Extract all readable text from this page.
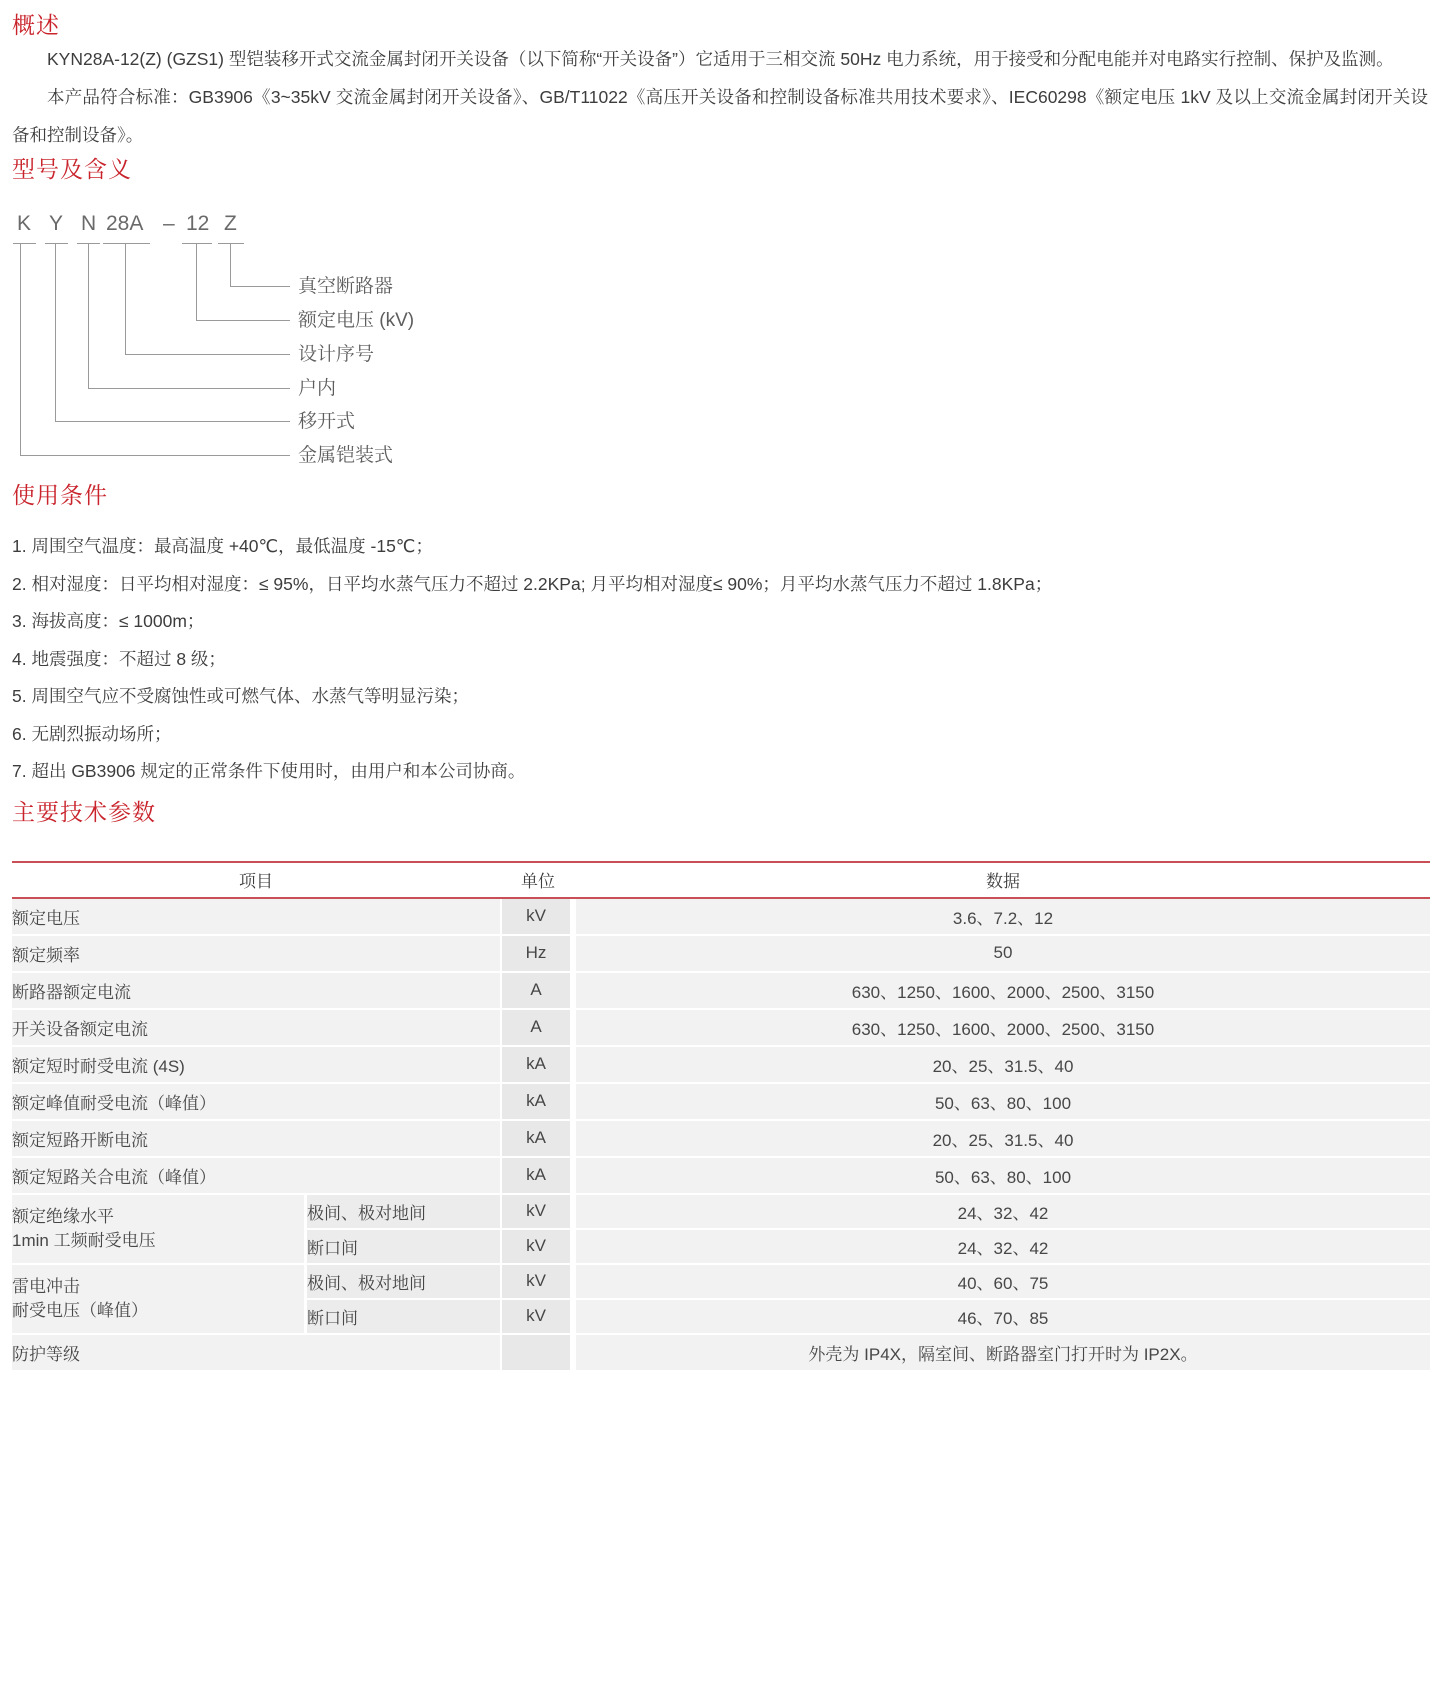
概述

KYN28A-12(Z) (GZS1) 型铠装移开式交流金属封闭开关设备（以下简称“开关设备”）它适用于三相交流 50Hz 电力系统，用于接受和分配电能并对电路实行控制、保护及监测。

本产品符合标准：GB3906《3~35kV 交流金属封闭开关设备》、GB/T11022《高压开关设备和控制设备标准共用技术要求》、IEC60298《额定电压 1kV 及以上交流金属封闭开关设备和控制设备》。

型号及含义
K Y N 28A – 12 Z
真空断路器
额定电压 (kV)
设计序号
户内
移开式
金属铠装式
使用条件
1. 周围空气温度：最高温度 +40℃，最低温度 -15℃；
2. 相对湿度：日平均相对湿度：≤ 95%，日平均水蒸气压力不超过 2.2KPa; 月平均相对湿度≤ 90%；月平均水蒸气压力不超过 1.8KPa；
3. 海拔高度：≤ 1000m；
4. 地震强度：不超过 8 级；
5. 周围空气应不受腐蚀性或可燃气体、水蒸气等明显污染；
6. 无剧烈振动场所；
7. 超出 GB3906 规定的正常条件下使用时，由用户和本公司协商。
主要技术参数
项目		单位	数据
额定电压		kV	3.6、7.2、12
额定频率		Hz	50
断路器额定电流		A	630、1250、1600、2000、2500、3150
开关设备额定电流		A	630、1250、1600、2000、2500、3150
额定短时耐受电流 (4S)		kA	20、25、31.5、40
额定峰值耐受电流（峰值）		kA	50、63、80、100
额定短路开断电流		kA	20、25、31.5、40
额定短路关合电流（峰值）		kA	50、63、80、100

额定绝缘水平
1min 工频耐受电压	极间、极对地间	kV	24、32、42
	断口间	kV	24、32、42

雷电冲击
耐受电压（峰值）	极间、极对地间	kV	40、60、75
	断口间	kV	46、70、85
防护等级			外壳为 IP4X，隔室间、断路器室门打开时为 IP2X。
